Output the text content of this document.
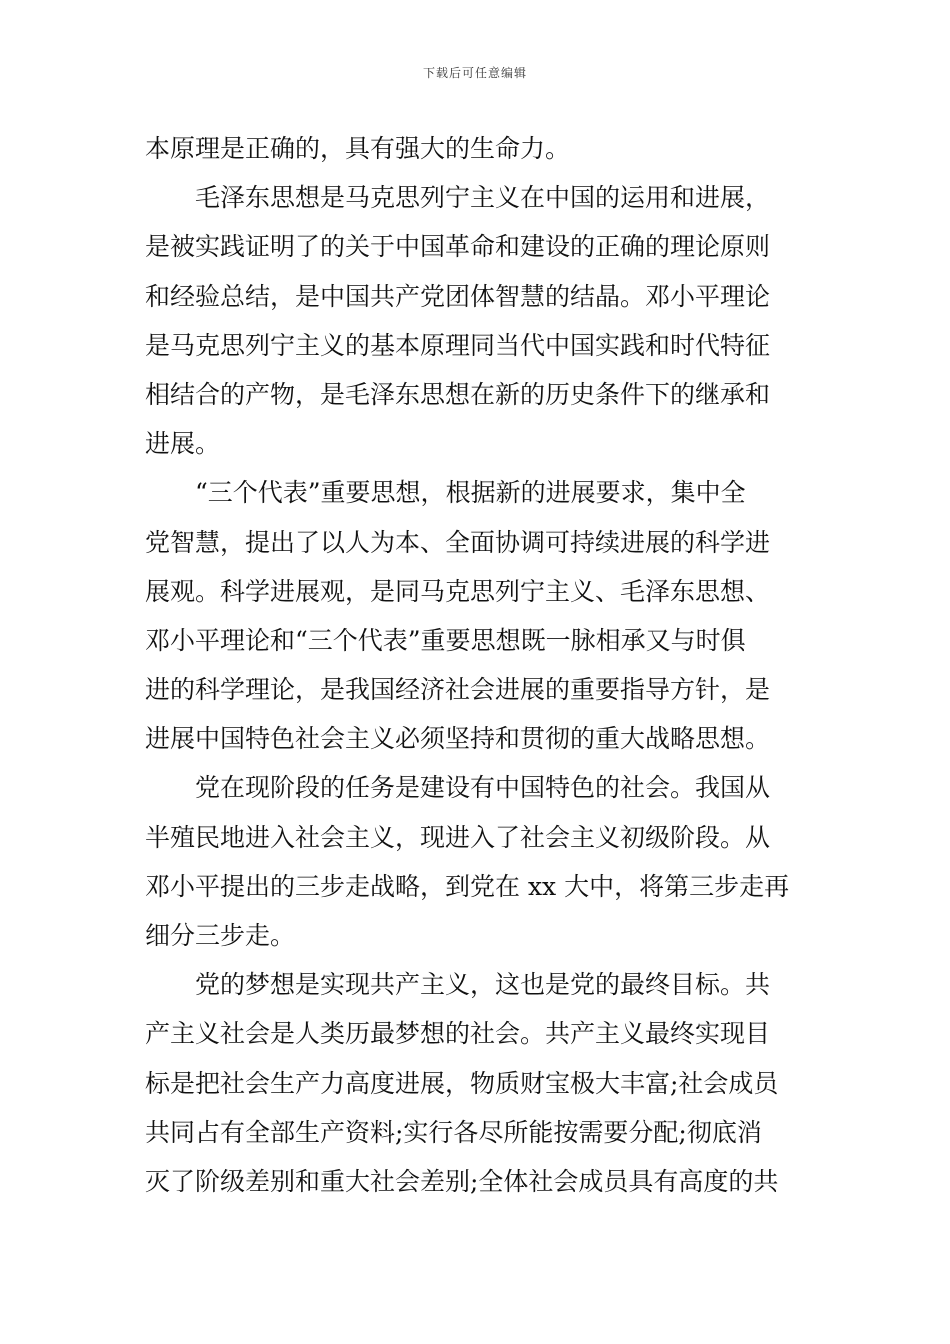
下载后可任意编辑
本原理是正确的，具有强大的生命力。
　　毛泽东思想是马克思列宁主义在中国的运用和进展，
是被实践证明了的关于中国革命和建设的正确的理论原则
和经验总结，是中国共产党团体智慧的结晶。邓小平理论
是马克思列宁主义的基本原理同当代中国实践和时代特征
相结合的产物，是毛泽东思想在新的历史条件下的继承和
进展。
　　“三个代表”重要思想，根据新的进展要求，集中全
党智慧，提出了以人为本、全面协调可持续进展的科学进
展观。科学进展观，是同马克思列宁主义、毛泽东思想、
邓小平理论和“三个代表”重要思想既一脉相承又与时俱
进的科学理论，是我国经济社会进展的重要指导方针，是
进展中国特色社会主义必须坚持和贯彻的重大战略思想。
　　党在现阶段的任务是建设有中国特色的社会。我国从
半殖民地进入社会主义，现进入了社会主义初级阶段。从
邓小平提出的三步走战略，到党在 xx 大中，将第三步走再
细分三步走。
　　党的梦想是实现共产主义，这也是党的最终目标。共
产主义社会是人类历最梦想的社会。共产主义最终实现目
标是把社会生产力高度进展，物质财宝极大丰富;社会成员
共同占有全部生产资料;实行各尽所能按需要分配;彻底消
灭了阶级差别和重大社会差别;全体社会成员具有高度的共
